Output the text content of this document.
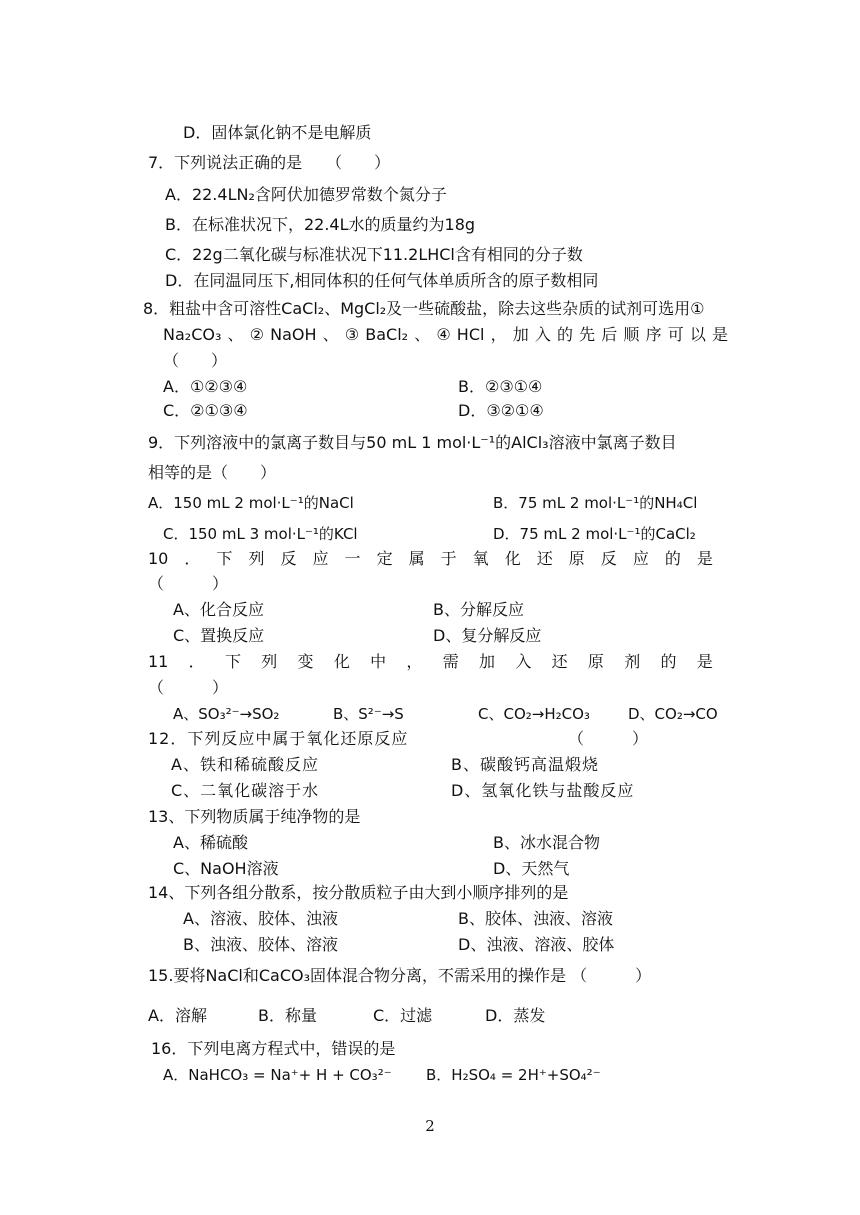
D．固体氯化钠不是电解质
7．下列说法正确的是　　（　　）
A．22.4LN₂含阿伏加德罗常数个氮分子
B．在标准状况下，22.4L水的质量约为18g
C．22g二氧化碳与标准状况下11.2LHCl含有相同的分子数
D．在同温同压下,相同体积的任何气体单质所含的原子数相同
8．粗盐中含可溶性CaCl₂、MgCl₂及一些硫酸盐，除去这些杂质的试剂可选用①
Na₂CO₃ 、 ② NaOH 、 ③ BaCl₂ 、 ④ HCl ， 加 入 的 先 后 顺 序 可 以 是
（　　）
A．①②③④	B．②③①④
C．②①③④	D．③②①④
9．下列溶液中的氯离子数目与50 mL 1 mol·L⁻¹的AlCl₃溶液中氯离子数目
相等的是（　　）
A．150 mL 2 mol·L⁻¹的NaCl	B．75 mL 2 mol·L⁻¹的NH₄Cl
C．150 mL 3 mol·L⁻¹的KCl	D．75 mL 2 mol·L⁻¹的CaCl₂
10 ． 下 列 反 应 一 定 属 于 氧 化 还 原 反 应 的 是
（　　　）
A、化合反应	B、分解反应
C、置换反应	D、复分解反应
11 ． 下 列 变 化 中 ， 需 加 入 还 原 剂 的 是
（　　　）
A、SO₃²⁻→SO₂	B、S²⁻→S	C、CO₂→H₂CO₃	D、CO₂→CO
12．下列反应中属于氧化还原反应	（　　　）
A、铁和稀硫酸反应	B、碳酸钙高温煅烧
C、二氧化碳溶于水	D、氢氧化铁与盐酸反应
13、下列物质属于纯净物的是
A、稀硫酸	B、冰水混合物
C、NaOH溶液	D、天然气
14、下列各组分散系，按分散质粒子由大到小顺序排列的是
A、溶液、胶体、浊液	B、胶体、浊液、溶液
B、浊液、胶体、溶液	D、浊液、溶液、胶体
15.要将NaCl和CaCO₃固体混合物分离，不需采用的操作是 （　　　）
A．溶解	B．称量	C．过滤	D．蒸发
16．下列电离方程式中，错误的是
A．NaHCO₃ = Na⁺+ H + CO₃²⁻ B．H₂SO₄ = 2H⁺+SO₄²⁻
2
